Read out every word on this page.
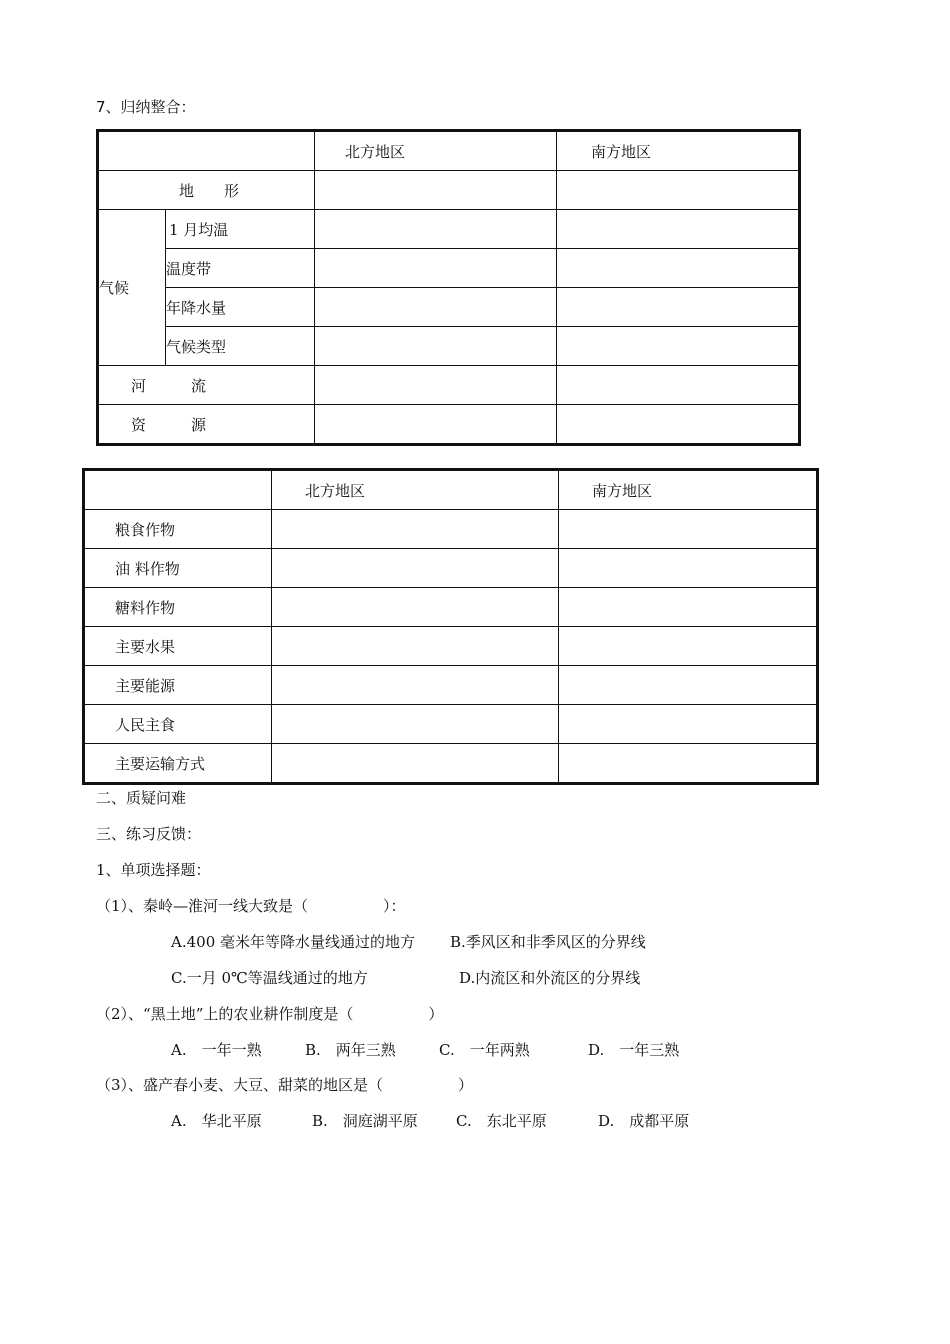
7、归纳整合：

		北方地区	南方地区

地　　形			

气候	1 月均温		

	温度带		

	年降水量		

	气候类型		

河　　　流			

资　　　源			

	北方地区	南方地区

粮食作物		

油 料作物		

糖料作物		

主要水果		

主要能源		

人民主食		

主要运输方式		

二、质疑问难
三、练习反馈：
1、单项选择题：
（1）、秦岭—淮河一线大致是（　　　　　）：
A.400 毫米年等降水量线通过的地方 B.季风区和非季风区的分界线
C.一月 0℃等温线通过的地方	D.内流区和外流区的分界线
（2）、“黑土地”上的农业耕作制度是（　　　　　）
A.　一年一熟	B.　两年三熟	C.　一年两熟	D.　一年三熟
（3）、盛产春小麦、大豆、甜菜的地区是（　　　　　）
A.　华北平原	B.　洞庭湖平原	C.　东北平原	D.　成都平原
